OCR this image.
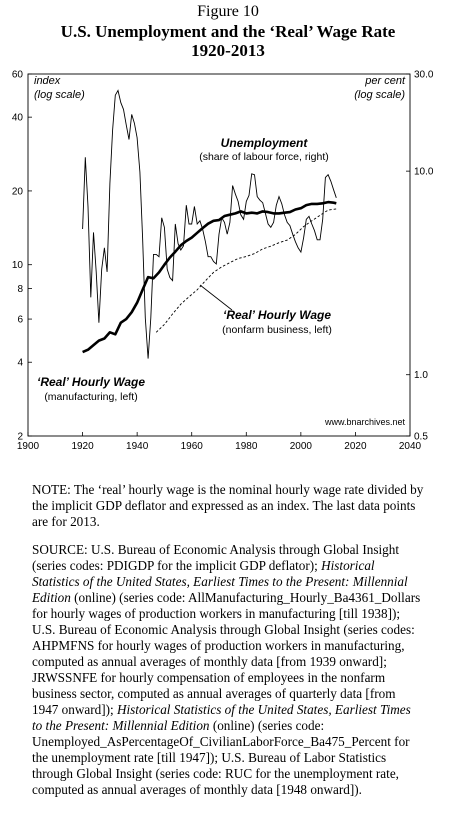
Figure 10
U.S. Unemployment and the ‘Real’ Wage Rate
1920-2013
2
4
6
8
10
20
40
60
0.5
1.0
10.0
30.0
1900	1920	1940	1960	1980	2000	2020	2040
index
(log scale)
per cent
(log scale)
Unemployment
(share of labour force, right)
‘Real’ Hourly Wage
(nonfarm business, left)
‘Real’ Hourly Wage
(manufacturing, left)
www.bnarchives.net

NOTE: The ‘real’ hourly wage is the nominal hourly wage rate divided by the implicit GDP deflator and expressed as an index. The last data points are for 2013.

SOURCE: U.S. Bureau of Economic Analysis through Global Insight (series codes: PDIGDP for the implicit GDP deflator); Historical Statistics of the United States, Earliest Times to the Present: Millennial Edition (online) (series code: AllManufacturing_Hourly_Ba4361_Dollars for hourly wages of production workers in manufacturing [till 1938]); U.S. Bureau of Economic Analysis through Global Insight (series codes: AHPMFNS for hourly wages of production workers in manufacturing, computed as annual averages of monthly data [from 1939 onward]; JRWSSNFE for hourly compensation of employees in the nonfarm business sector, computed as annual averages of quarterly data [from 1947 onward]); Historical Statistics of the United States, Earliest Times to the Present: Millennial Edition (online) (series code: Unemployed_AsPercentageOf_CivilianLaborForce_Ba475_Percent for the unemployment rate [till 1947]); U.S. Bureau of Labor Statistics through Global Insight (series code: RUC for the unemployment rate, computed as annual averages of monthly data [1948 onward]).
